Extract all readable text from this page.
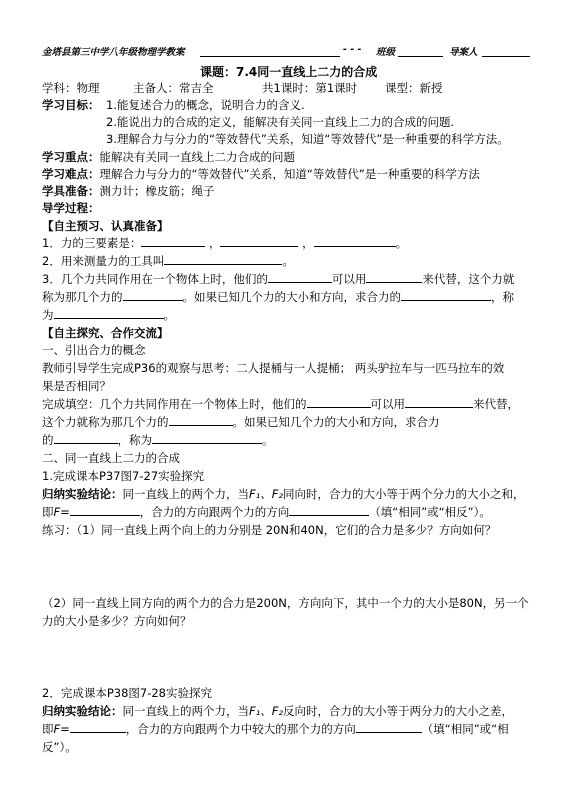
金塔县第三中学八年级物理学教案	- - - 班级	导案人
课题：7.4同一直线上二力的合成
学科：物理	主备人：常吉全	共1课时：第1课时 课型：新授
学习目标： 1.能复述合力的概念，说明合力的含义.
2.能说出力的合成的定义，能解决有关同一直线上二力的合成的问题.
3.理解合力与分力的“等效替代”关系，知道“等效替代”是一种重要的科学方法。
学习重点：能解决有关同一直线上二力合成的问题
学习难点：理解合力与分力的“等效替代”关系，知道“等效替代”是一种重要的科学方法
学具准备：测力计；橡皮筋；绳子
导学过程：
【自主预习、认真准备】
1．力的三要素是：	，	，	。
2．用来测量力的工具叫	。
3．几个力共同作用在一个物体上时，他们的	可以用	来代替，这个力就
称为那几个力的	。如果已知几个力的大小和方向，求合力的	，称
为	。
【自主探究、合作交流】
一、引出合力的概念
教师引导学生完成P36的观察与思考：二人提桶与一人提桶； 两头驴拉车与一匹马拉车的效
果是否相同？
完成填空：几个力共同作用在一个物体上时，他们的	可以用	来代替，
这个力就称为那几个力的	。如果已知几个力的大小和方向，求合力
的	，称为	。
二、同一直线上二力的合成
1.完成课本P37图7-27实验探究
归纳实验结论：同一直线上的两个力，当F₁、F₂同向时，合力的大小等于两个分力的大小之和，
即F=	，合力的方向跟两个力的方向	（填“相同”或“相反”）。
练习：（1）同一直线上两个向上的力分别是 20N和40N，它们的合力是多少？方向如何？
（2）同一直线上同方向的两个力的合力是200N，方向向下，其中一个力的大小是80N，另一个
力的大小是多少？方向如何？
2．完成课本P38图7-28实验探究
归纳实验结论：同一直线上的两个力，当F₁、F₂反向时，合力的大小等于两分力的大小之差，
即F=	，合力的方向跟两个力中较大的那个力的方向	（填“相同”或“相
反”）。
